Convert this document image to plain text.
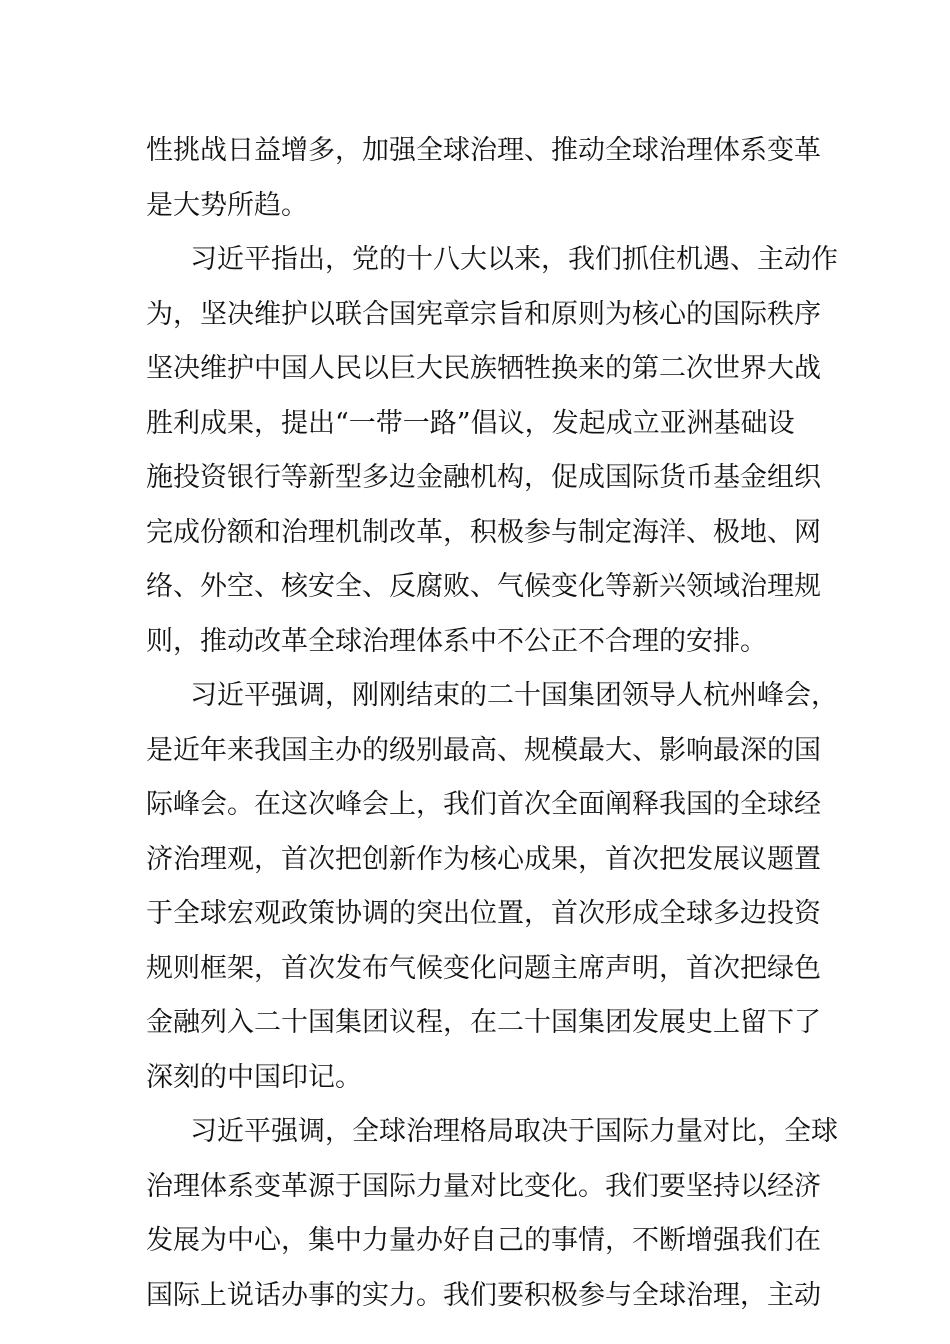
性挑战日益增多，加强全球治理、推动全球治理体系变革
是大势所趋。
习近平指出，党的十八大以来，我们抓住机遇、主动作
为，坚决维护以联合国宪章宗旨和原则为核心的国际秩序
坚决维护中国人民以巨大民族牺牲换来的第二次世界大战
胜利成果，提出“一带一路”倡议，发起成立亚洲基础设
施投资银行等新型多边金融机构，促成国际货币基金组织
完成份额和治理机制改革，积极参与制定海洋、极地、网
络、外空、核安全、反腐败、气候变化等新兴领域治理规
则，推动改革全球治理体系中不公正不合理的安排。
习近平强调，刚刚结束的二十国集团领导人杭州峰会，
是近年来我国主办的级别最高、规模最大、影响最深的国
际峰会。在这次峰会上，我们首次全面阐释我国的全球经
济治理观，首次把创新作为核心成果，首次把发展议题置
于全球宏观政策协调的突出位置，首次形成全球多边投资
规则框架，首次发布气候变化问题主席声明，首次把绿色
金融列入二十国集团议程，在二十国集团发展史上留下了
深刻的中国印记。
习近平强调，全球治理格局取决于国际力量对比，全球
治理体系变革源于国际力量对比变化。我们要坚持以经济
发展为中心，集中力量办好自己的事情，不断增强我们在
国际上说话办事的实力。我们要积极参与全球治理，主动
